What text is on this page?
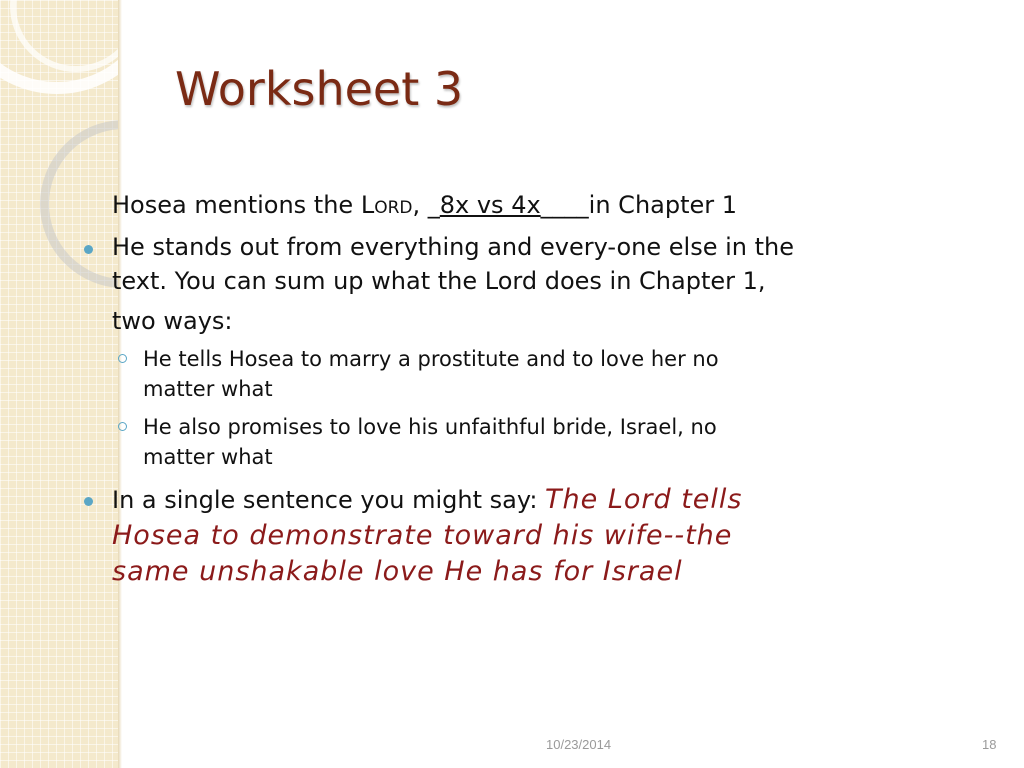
Worksheet 3
Hosea mentions the Lord, _8x vs 4x____in Chapter 1
He stands out from everything and every-one else in the
text. You can sum up what the Lord does in Chapter 1,
two ways:
He tells Hosea to marry a prostitute and to love her no
matter what
He also promises to love his unfaithful bride, Israel, no
matter what
In a single sentence you might say: The Lord tells
Hosea to demonstrate toward his wife--the
same unshakable love He has for Israel
10/23/2014	18
